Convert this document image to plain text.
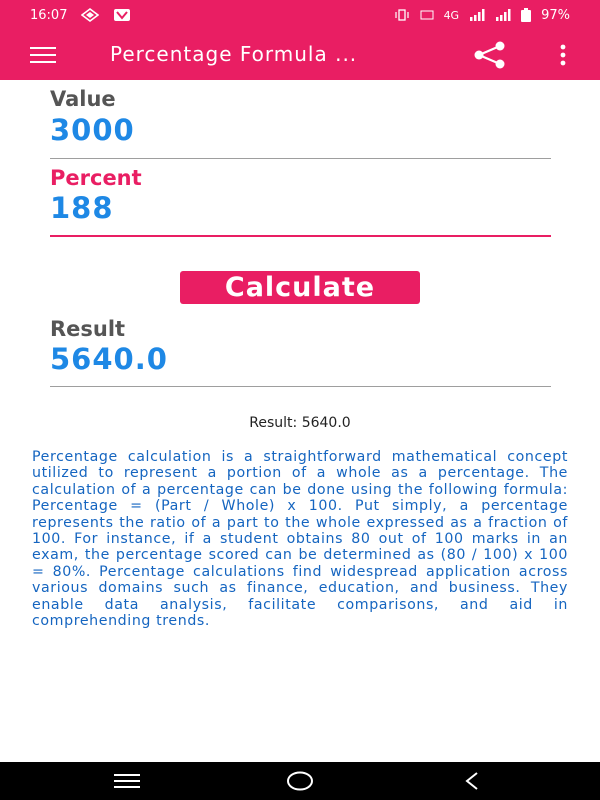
16:07	4G	97%
Percentage Formula ...
Value
3000
Percent
188
Calculate
Result
5640.0
Result: 5640.0

Percentage calculation is a straightforward mathematical concept utilized to represent a portion of a whole as a percentage. The calculation of a percentage can be done using the following formula: Percentage = (Part / Whole) x 100. Put simply, a percentage represents the ratio of a part to the whole expressed as a fraction of 100. For instance, if a student obtains 80 out of 100 marks in an exam, the percentage scored can be determined as (80 / 100) x 100 = 80%. Percentage calculations find widespread application across various domains such as finance, education, and business. They enable data analysis, facilitate comparisons, and aid in comprehending trends.
